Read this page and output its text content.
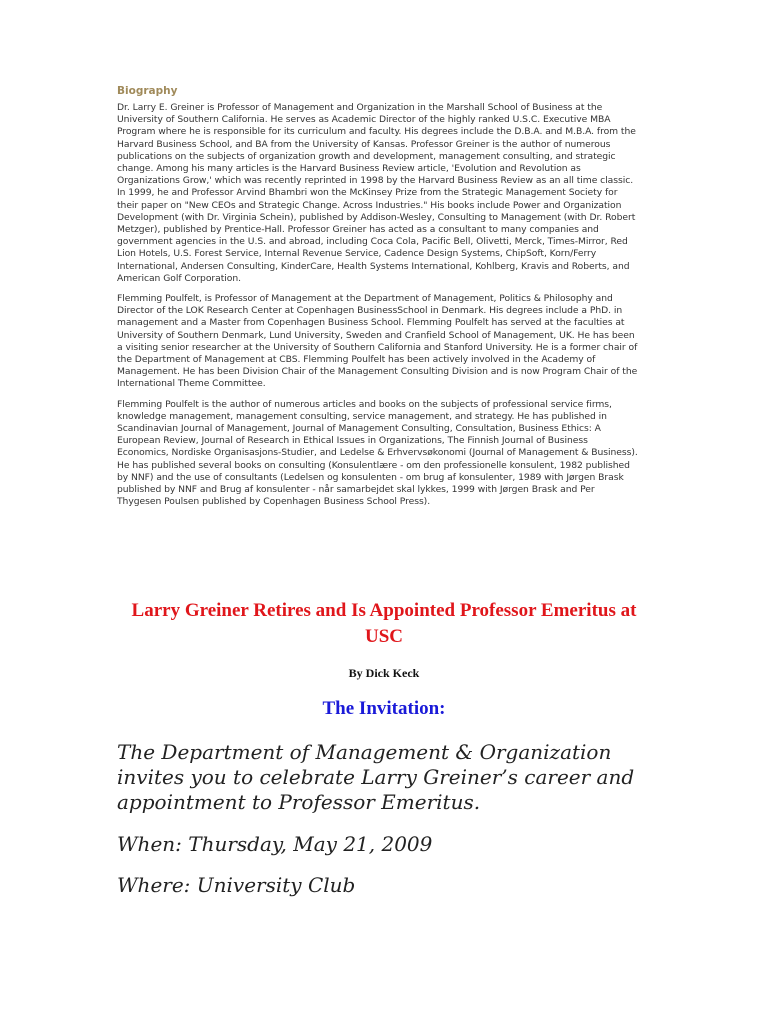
Biography

Dr. Larry E. Greiner is Professor of Management and Organization in the Marshall School of Business at the University of Southern California. He serves as Academic Director of the highly ranked U.S.C. Executive MBA Program where he is responsible for its curriculum and faculty. His degrees include the D.B.A. and M.B.A. from the Harvard Business School, and BA from the University of Kansas. Professor Greiner is the author of numerous publications on the subjects of organization growth and development, management consulting, and strategic change. Among his many articles is the Harvard Business Review article, 'Evolution and Revolution as Organizations Grow,' which was recently reprinted in 1998 by the Harvard Business Review as an all time classic. In 1999, he and Professor Arvind Bhambri won the McKinsey Prize from the Strategic Management Society for their paper on "New CEOs and Strategic Change. Across Industries." His books include Power and Organization Development (with Dr. Virginia Schein), published by Addison-Wesley, Consulting to Management (with Dr. Robert Metzger), published by Prentice-Hall. Professor Greiner has acted as a consultant to many companies and government agencies in the U.S. and abroad, including Coca Cola, Pacific Bell, Olivetti, Merck, Times-Mirror, Red Lion Hotels, U.S. Forest Service, Internal Revenue Service, Cadence Design Systems, ChipSoft, Korn/Ferry International, Andersen Consulting, KinderCare, Health Systems International, Kohlberg, Kravis and Roberts, and American Golf Corporation.

Flemming Poulfelt, is Professor of Management at the Department of Management, Politics & Philosophy and Director of the LOK Research Center at Copenhagen BusinessSchool in Denmark. His degrees include a PhD. in management and a Master from Copenhagen Business School. Flemming Poulfelt has served at the faculties at University of Southern Denmark, Lund University, Sweden and Cranfield School of Management, UK. He has been a visiting senior researcher at the University of Southern California and Stanford University. He is a former chair of the Department of Management at CBS. Flemming Poulfelt has been actively involved in the Academy of Management. He has been Division Chair of the Management Consulting Division and is now Program Chair of the International Theme Committee.

Flemming Poulfelt is the author of numerous articles and books on the subjects of professional service firms, knowledge management, management consulting, service management, and strategy. He has published in Scandinavian Journal of Management, Journal of Management Consulting, Consultation, Business Ethics: A European Review, Journal of Research in Ethical Issues in Organizations, The Finnish Journal of Business Economics, Nordiske Organisasjons-Studier, and Ledelse & Erhvervsøkonomi (Journal of Management & Business). He has published several books on consulting (Konsulentlære - om den professionelle konsulent, 1982 published by NNF) and the use of consultants (Ledelsen og konsulenten - om brug af konsulenter, 1989 with Jørgen Brask published by NNF and Brug af konsulenter - når samarbejdet skal lykkes, 1999 with Jørgen Brask and Per Thygesen Poulsen published by Copenhagen Business School Press).

Larry Greiner Retires and Is Appointed Professor Emeritus at USC

By Dick Keck

The Invitation:

The Department of Management & Organization invites you to celebrate Larry Greiner’s career and appointment to Professor Emeritus.

When: Thursday, May 21, 2009

Where: University Club
